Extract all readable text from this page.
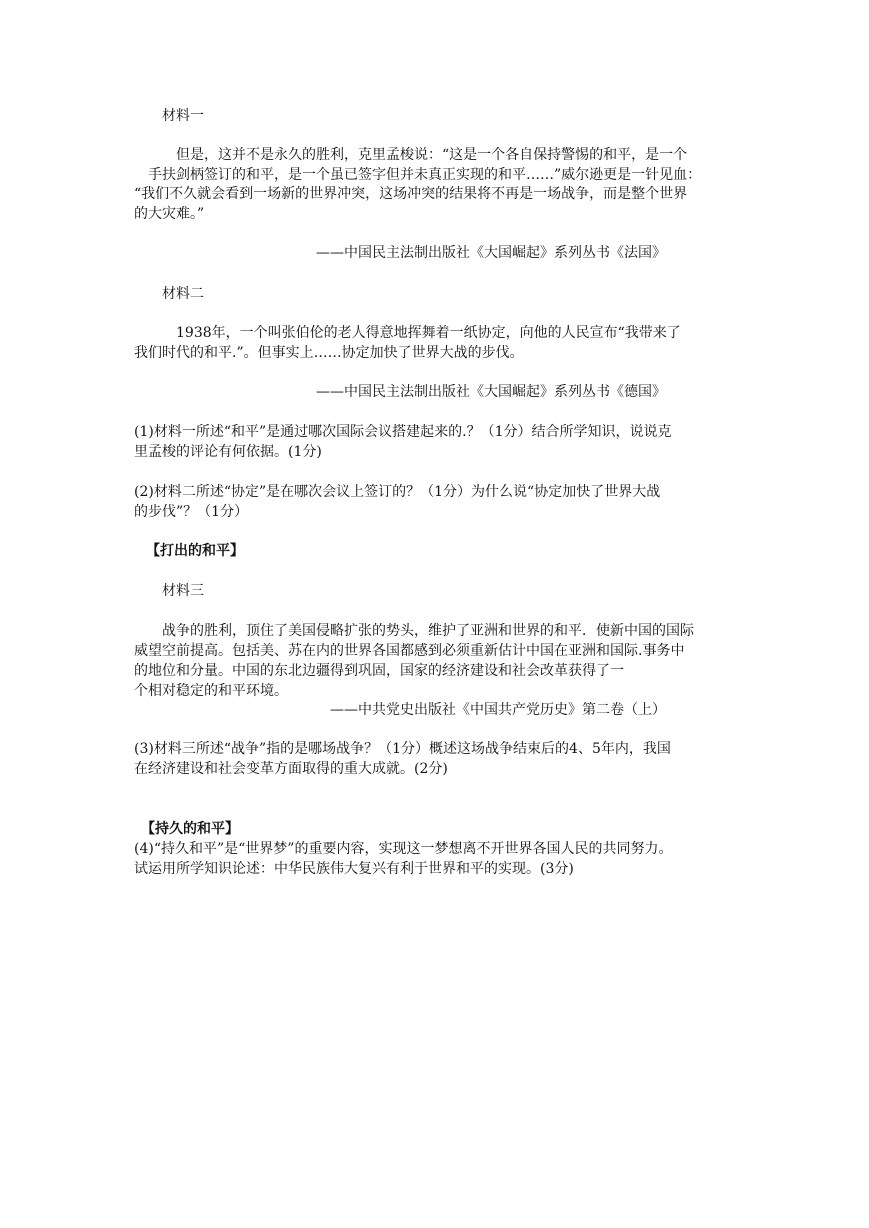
材料一
但是，这并不是永久的胜利，克里孟梭说：“这是一个各自保持警惕的和平，是一个
手扶剑柄签订的和平，是一个虽已签字但并未真正实现的和平……”威尔逊更是一针见血：
“我们不久就会看到一场新的世界冲突，这场冲突的结果将不再是一场战争，而是整个世界
的大灾难。”
——中国民主法制出版社《大国崛起》系列丛书《法国》
材料二
1938年，一个叫张伯伦的老人得意地挥舞着一纸协定，向他的人民宣布“我带来了
我们时代的和平.”。但事实上……协定加快了世界大战的步伐。
——中国民主法制出版社《大国崛起》系列丛书《德国》
(1)材料一所述“和平”是通过哪次国际会议搭建起来的.？（1分）结合所学知识，说说克
里孟梭的评论有何依据。(1分)
(2)材料二所述“协定”是在哪次会议上签订的？（1分）为什么说“协定加快了世界大战
的步伐”？（1分）
【打出的和平】
材料三
战争的胜利，顶住了美国侵略扩张的势头，维护了亚洲和世界的和平．使新中国的国际
威望空前提高。包括美、苏在内的世界各国都感到必须重新估计中国在亚洲和国际.事务中
的地位和分量。中国的东北边疆得到巩固，国家的经济建设和社会改革获得了一
个相对稳定的和平环境。
——中共党史出版社《中国共产党历史》第二卷（上）
(3)材料三所述“战争”指的是哪场战争？（1分）概述这场战争结束后的4、5年内，我国
在经济建设和社会变革方面取得的重大成就。(2分)
【持久的和平】
(4)“持久和平”是“世界梦”的重要内容，实现这一梦想离不开世界各国人民的共同努力。
试运用所学知识论述：中华民族伟大复兴有利于世界和平的实现。(3分)
